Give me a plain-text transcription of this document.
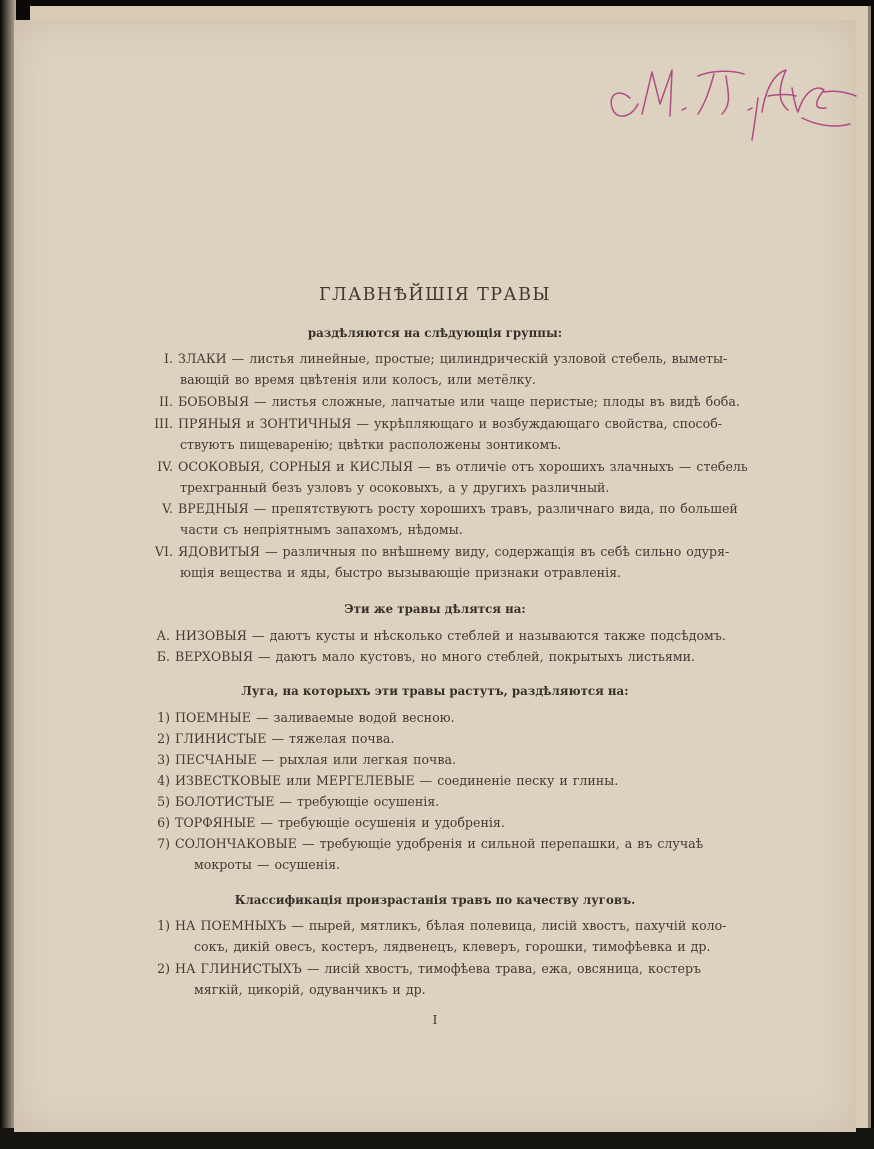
ГЛАВНѢЙШІЯ ТРАВЫ
раздѣляются на слѣдующія группы:
I. ЗЛАКИ — листья линейные, простые; цилиндрическій узловой стебель, выметы-
вающій во время цвѣтенія или колосъ, или метёлку.
II. БОБОВЫЯ — листья сложные, лапчатые или чаще перистые; плоды въ видѣ боба.
III. ПРЯНЫЯ и ЗОНТИЧНЫЯ — укрѣпляющаго и возбуждающаго свойства, способ-
ствуютъ пищеваренію; цвѣтки расположены зонтикомъ.
IV. ОСОКОВЫЯ, СОРНЫЯ и КИСЛЫЯ — въ отличіе отъ хорошихъ злачныхъ — стебель
трехгранный безъ узловъ у осоковыхъ, а у другихъ различный.
V. ВРЕДНЫЯ — препятствуютъ росту хорошихъ травъ, различнаго вида, по большей
части съ непріятнымъ запахомъ, нѣдомы.
VI. ЯДОВИТЫЯ — различныя по внѣшнему виду, содержащія въ себѣ сильно одуря-
ющія вещества и яды, быстро вызывающіе признаки отравленія.
Эти же травы дѣлятся на:
А. НИЗОВЫЯ — даютъ кусты и нѣсколько стеблей и называются также подсѣдомъ.
Б. ВЕРХОВЫЯ — даютъ мало кустовъ, но много стеблей, покрытыхъ листьями.
Луга, на которыхъ эти травы растутъ, раздѣляются на:
1) ПОЕМНЫЕ — заливаемые водой весною.
2) ГЛИНИСТЫЕ — тяжелая почва.
3) ПЕСЧАНЫЕ — рыхлая или легкая почва.
4) ИЗВЕСТКОВЫЕ или МЕРГЕЛЕВЫЕ — соединеніе песку и глины.
5) БОЛОТИСТЫЕ — требующіе осушенія.
6) ТОРФЯНЫЕ — требующіе осушенія и удобренія.
7) СОЛОНЧАКОВЫЕ — требующіе удобренія и сильной перепашки, а въ случаѣ
мокроты — осушенія.
Классификація произрастанія травъ по качеству луговъ.
1) НА ПОЕМНЫХЪ — пырей, мятликъ, бѣлая полевица, лисій хвостъ, пахучій коло-
сокъ, дикій овесъ, костеръ, лядвенецъ, клеверъ, горошки, тимофѣевка и др.
2) НА ГЛИНИСТЫХЪ — лисій хвостъ, тимофѣева трава, ежа, овсяница, костеръ
мягкій, цикорій, одуванчикъ и др.
I
